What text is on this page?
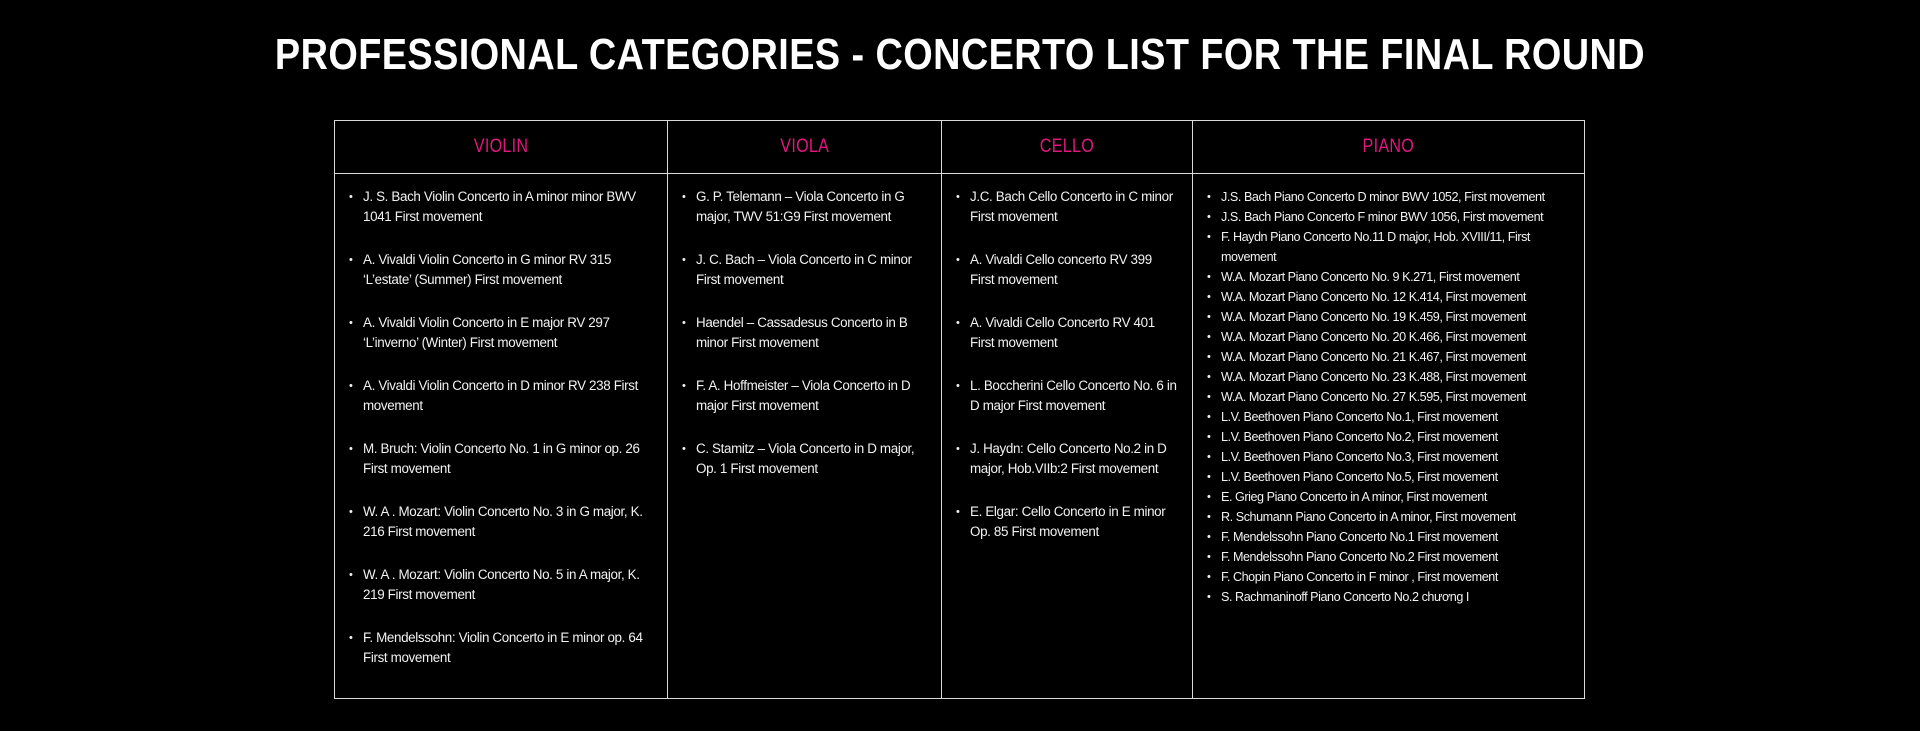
PROFESSIONAL CATEGORIES - CONCERTO LIST FOR THE FINAL ROUND
VIOLIN
• J. S. Bach Violin Concerto in A minor minor BWV 1041 First movement
• A. Vivaldi Violin Concerto in G minor RV 315 ‘L’estate’ (Summer) First movement
• A. Vivaldi Violin Concerto in E major RV 297 ‘L’inverno’ (Winter) First movement
• A. Vivaldi Violin Concerto in D minor RV 238 First movement
• M. Bruch: Violin Concerto No. 1 in G minor op. 26 First movement
• W. A . Mozart: Violin Concerto No. 3 in G major, K. 216 First movement
• W. A . Mozart: Violin Concerto No. 5 in A major, K. 219 First movement
• F. Mendelssohn: Violin Concerto in E minor op. 64 First movement
VIOLA
• G. P. Telemann – Viola Concerto in G major, TWV 51:G9 First movement
• J. C. Bach – Viola Concerto in C minor First movement
• Haendel – Cassadesus Concerto in B minor First movement
• F. A. Hoffmeister – Viola Concerto in D major First movement
• C. Stamitz – Viola Concerto in D major, Op. 1 First movement
CELLO
• J.C. Bach Cello Concerto in C minor First movement
• A. Vivaldi Cello concerto RV 399 First movement
• A. Vivaldi Cello Concerto RV 401 First movement
• L. Boccherini Cello Concerto No. 6 in D major First movement
• J. Haydn: Cello Concerto No.2 in D major, Hob.VIIb:2 First movement
• E. Elgar: Cello Concerto in E minor Op. 85 First movement
PIANO
• J.S. Bach Piano Concerto D minor BWV 1052, First movement
• J.S. Bach Piano Concerto F minor BWV 1056, First movement
• F. Haydn Piano Concerto No.11 D major, Hob. XVIII/11, First movement
• W.A. Mozart Piano Concerto No. 9 K.271, First movement
• W.A. Mozart Piano Concerto No. 12 K.414, First movement
• W.A. Mozart Piano Concerto No. 19 K.459, First movement
• W.A. Mozart Piano Concerto No. 20 K.466, First movement
• W.A. Mozart Piano Concerto No. 21 K.467, First movement
• W.A. Mozart Piano Concerto No. 23 K.488, First movement
• W.A. Mozart Piano Concerto No. 27 K.595, First movement
• L.V. Beethoven Piano Concerto No.1, First movement
• L.V. Beethoven Piano Concerto No.2, First movement
• L.V. Beethoven Piano Concerto No.3, First movement
• L.V. Beethoven Piano Concerto No.5, First movement
• E. Grieg Piano Concerto in A minor, First movement
• R. Schumann Piano Concerto in A minor, First movement
• F. Mendelssohn Piano Concerto No.1 First movement
• F. Mendelssohn Piano Concerto No.2 First movement
• F. Chopin Piano Concerto in F minor , First movement
• S. Rachmaninoff Piano Concerto No.2 chương I
